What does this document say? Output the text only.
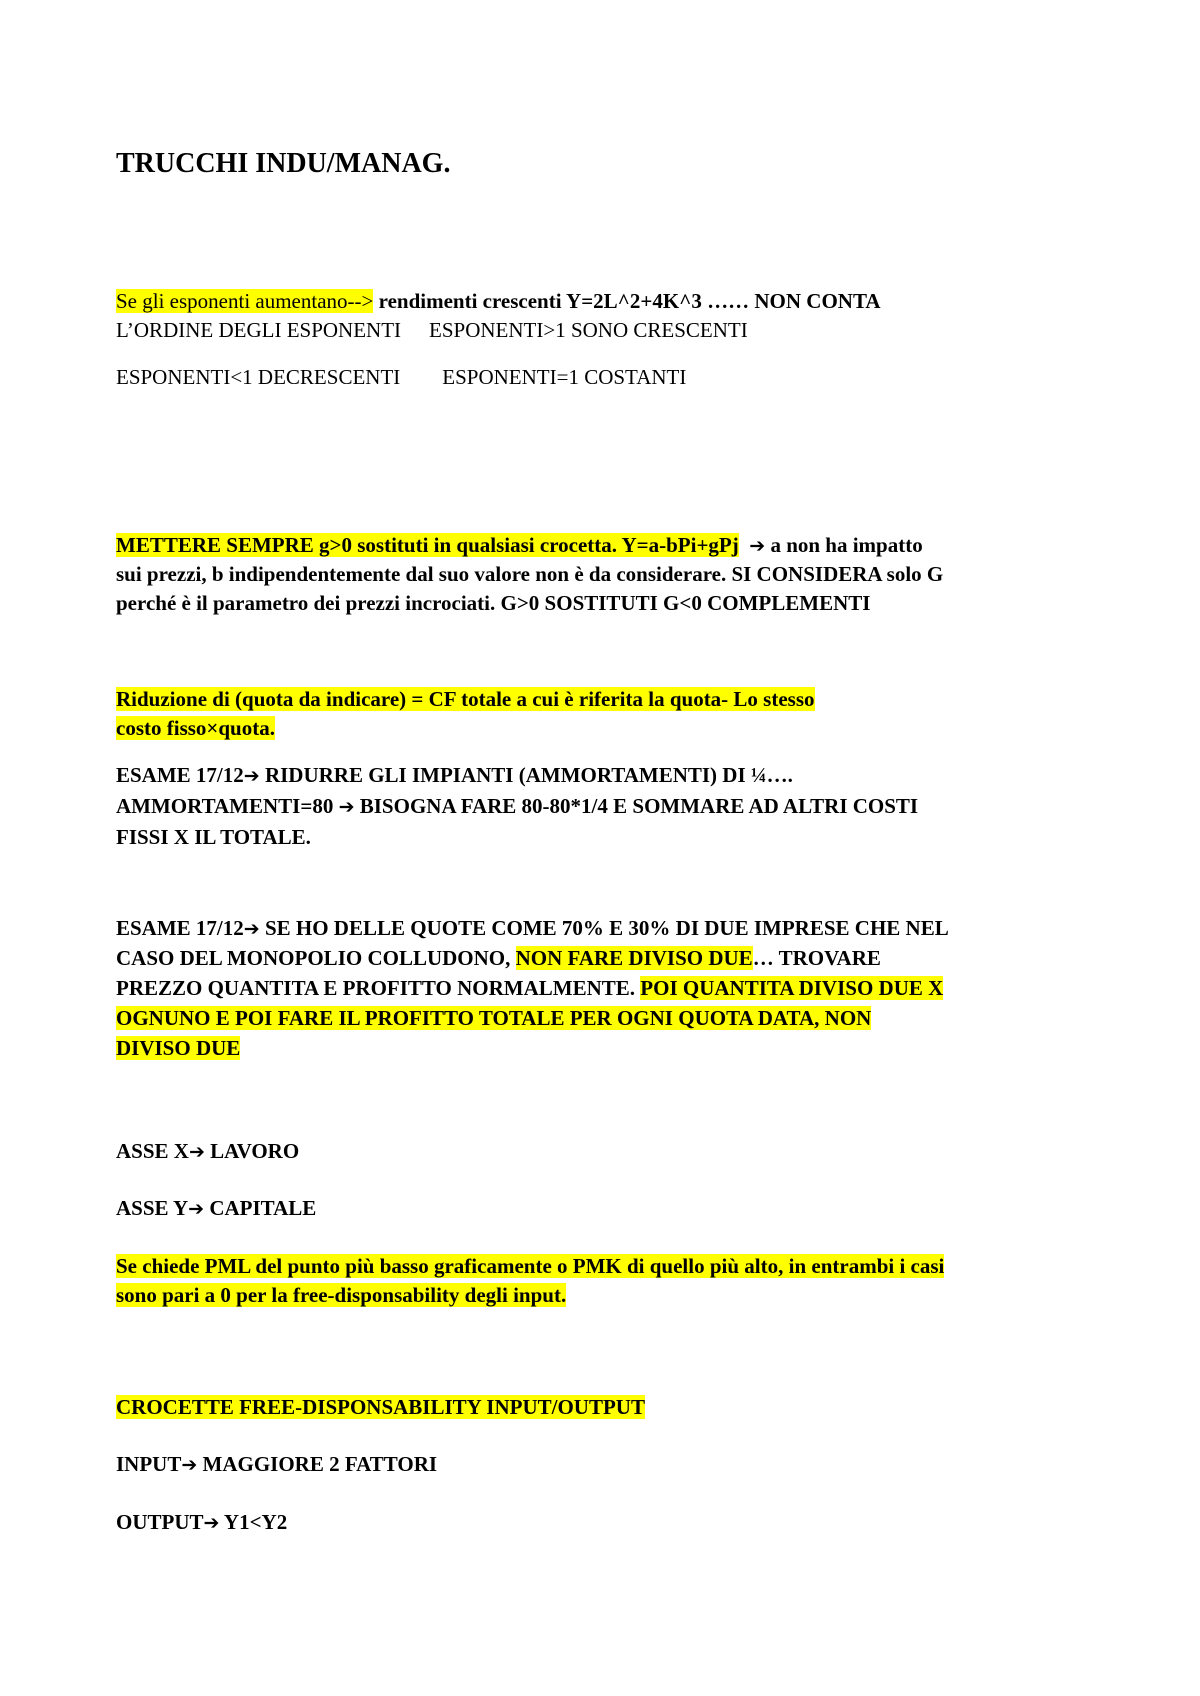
TRUCCHI INDU/MANAG.

Se gli esponenti aumentano--> rendimenti crescenti Y=2L^2+4K^3 …… NON CONTA

L’ORDINE DEGLI ESPONENTI ESPONENTI>1 SONO CRESCENTI

ESPONENTI<1 DECRESCENTI ESPONENTI=1 COSTANTI

METTERE SEMPRE g>0 sostituti in qualsiasi crocetta. Y=a-bPi+gPj ➔ a non ha impatto

sui prezzi, b indipendentemente dal suo valore non è da considerare. SI CONSIDERA solo G

perché è il parametro dei prezzi incrociati. G>0 SOSTITUTI G<0 COMPLEMENTI

Riduzione di (quota da indicare) = CF totale a cui è riferita la quota- Lo stesso

costo fisso×quota.

ESAME 17/12➔ RIDURRE GLI IMPIANTI (AMMORTAMENTI) DI ¼….

AMMORTAMENTI=80 ➔ BISOGNA FARE 80-80*1/4 E SOMMARE AD ALTRI COSTI

FISSI X IL TOTALE.

ESAME 17/12➔ SE HO DELLE QUOTE COME 70% E 30% DI DUE IMPRESE CHE NEL

CASO DEL MONOPOLIO COLLUDONO, NON FARE DIVISO DUE… TROVARE

PREZZO QUANTITA E PROFITTO NORMALMENTE. POI QUANTITA DIVISO DUE X

OGNUNO E POI FARE IL PROFITTO TOTALE PER OGNI QUOTA DATA, NON

DIVISO DUE

ASSE X➔ LAVORO

ASSE Y➔ CAPITALE

Se chiede PML del punto più basso graficamente o PMK di quello più alto, in entrambi i casi

sono pari a 0 per la free-disponsability degli input.

CROCETTE FREE-DISPONSABILITY INPUT/OUTPUT

INPUT➔ MAGGIORE 2 FATTORI

OUTPUT➔ Y1<Y2
